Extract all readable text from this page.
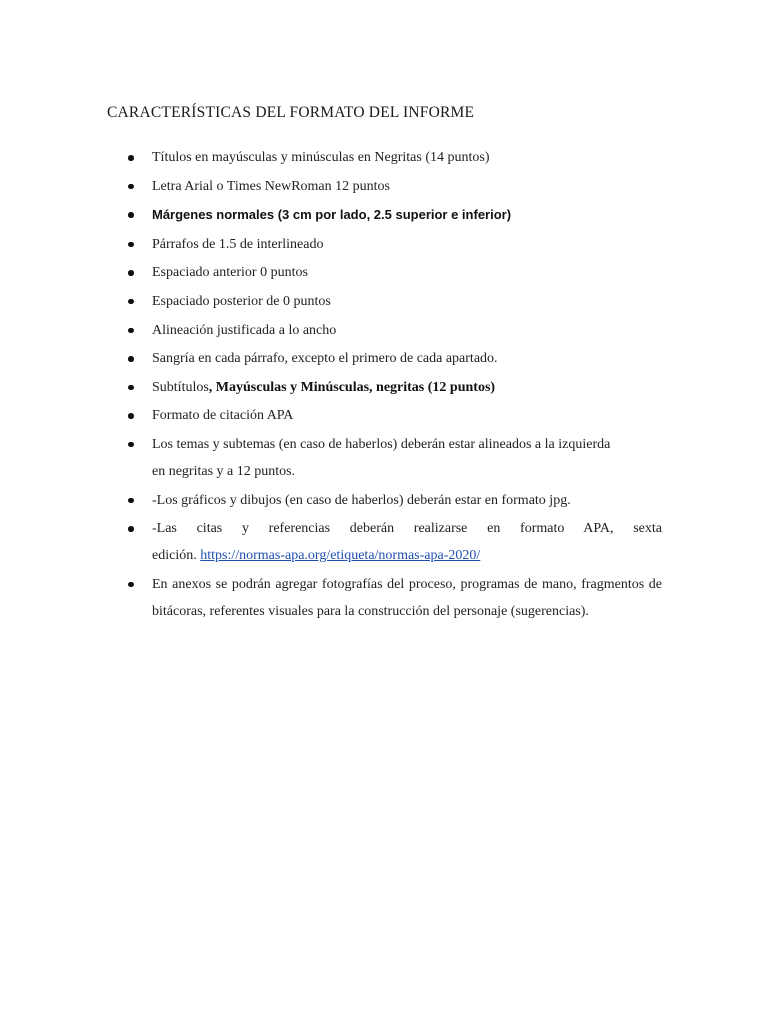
CARACTERÍSTICAS DEL FORMATO DEL INFORME
Títulos en mayúsculas y minúsculas en Negritas (14 puntos)
Letra Arial o Times NewRoman 12 puntos
Márgenes normales (3 cm por lado, 2.5 superior e inferior)
Párrafos de 1.5 de interlineado
Espaciado anterior 0 puntos
Espaciado posterior de 0 puntos
Alineación justificada a lo ancho
Sangría en cada párrafo, excepto el primero de cada apartado.
Subtítulos, Mayúsculas y Minúsculas, negritas (12 puntos)
Formato de citación APA
Los temas y subtemas (en caso de haberlos) deberán estar alineados a la izquierda
en negritas y a 12 puntos.
-Los gráficos y dibujos (en caso de haberlos) deberán estar en formato jpg.
-Las citas y referencias deberán realizarse en formato APA, sexta
edición. https://normas-apa.org/etiqueta/normas-apa-2020/
En anexos se podrán agregar fotografías del proceso, programas de mano, fragmentos de bitácoras, referentes visuales para la construcción del personaje (sugerencias).
